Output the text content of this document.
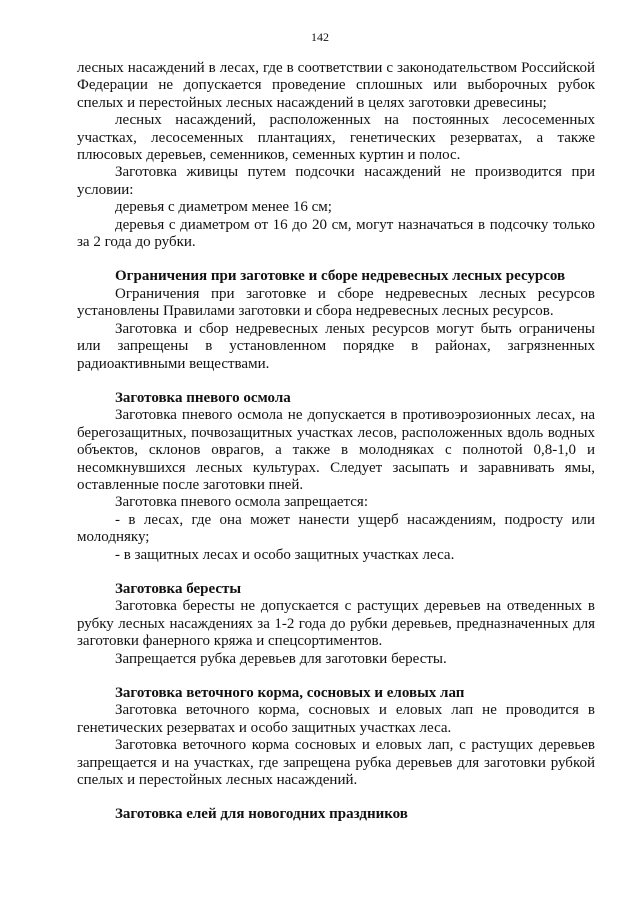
142
лесных насаждений в лесах, где в соответствии с законодательством Российской Федерации не допускается проведение сплошных или выборочных рубок спелых и перестойных лесных насаждений в целях заготовки древесины;
лесных насаждений, расположенных на постоянных лесосеменных участках, лесосеменных плантациях, генетических резерватах, а также плюсовых деревьев, семенников, семенных куртин и полос.
Заготовка живицы путем подсочки насаждений не производится при условии:
деревья с диаметром менее 16 см;
деревья с диаметром от 16 до 20 см, могут назначаться в подсочку только за 2 года до рубки.
Ограничения при заготовке и сборе недревесных лесных ресурсов
Ограничения при заготовке и сборе недревесных лесных ресурсов установлены Правилами заготовки и сбора недревесных лесных ресурсов.
Заготовка и сбор недревесных леных ресурсов могут быть ограничены или запрещены в установленном порядке в районах, загрязненных радиоактивными веществами.
Заготовка пневого осмола
Заготовка пневого осмола не допускается в противоэрозионных лесах, на берегозащитных, почвозащитных участках лесов, расположенных вдоль водных объектов, склонов оврагов, а также в молодняках с полнотой 0,8-1,0 и несомкнувшихся лесных культурах. Следует засыпать и заравнивать ямы, оставленные после заготовки пней.
Заготовка пневого осмола запрещается:
- в лесах, где она может нанести ущерб насаждениям, подросту или молодняку;
- в защитных лесах и особо защитных участках леса.
Заготовка бересты
Заготовка бересты не допускается с растущих деревьев на отведенных в рубку лесных насаждениях за 1-2 года до рубки деревьев, предназначенных для заготовки фанерного кряжа и спецсортиментов.
Запрещается рубка деревьев для заготовки бересты.
Заготовка веточного корма, сосновых и еловых лап
Заготовка веточного корма, сосновых и еловых лап не проводится в генетических резерватах и особо защитных участках леса.
Заготовка веточного корма сосновых и еловых лап, с растущих деревьев запрещается и на участках, где запрещена рубка деревьев для заготовки рубкой спелых и перестойных лесных насаждений.
Заготовка елей для новогодних праздников
